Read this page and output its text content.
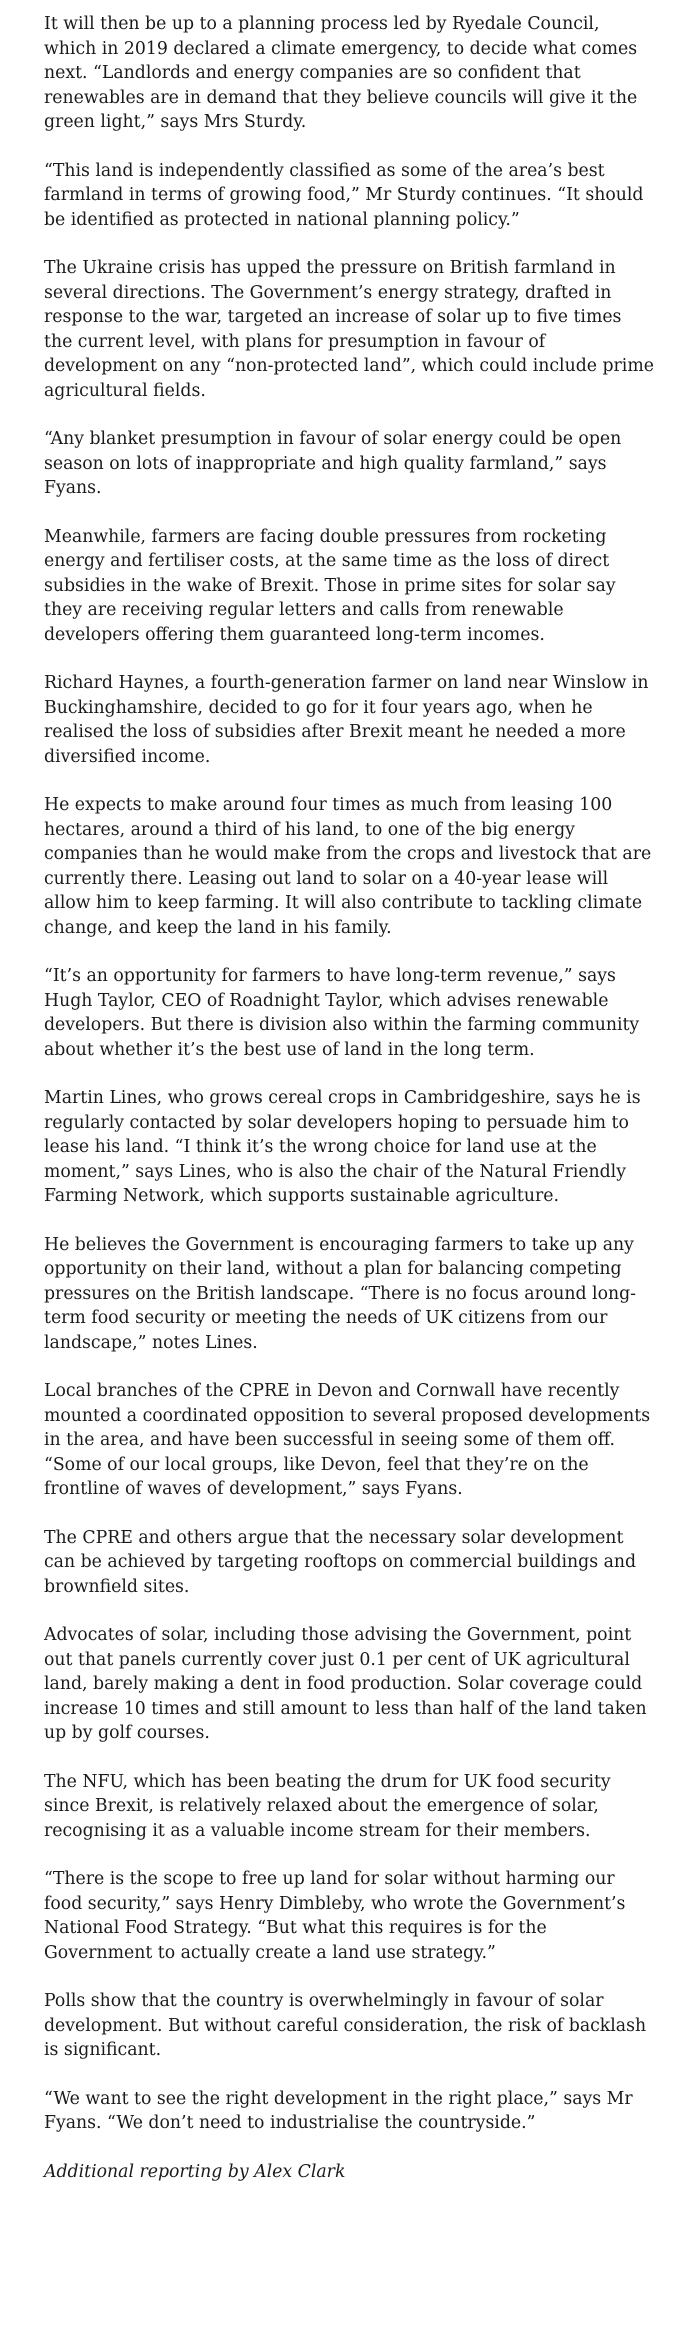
It will then be up to a planning process led by Ryedale Council, which in 2019 declared a climate emergency, to decide what comes next. “Landlords and energy companies are so confident that renewables are in demand that they believe councils will give it the green light,” says Mrs Sturdy.

“This land is independently classified as some of the area’s best farmland in terms of growing food,” Mr Sturdy continues. “It should be identified as protected in national planning policy.”

The Ukraine crisis has upped the pressure on British farmland in several directions. The Government’s energy strategy, drafted in response to the war, targeted an increase of solar up to five times the current level, with plans for presumption in favour of development on any “non-protected land”, which could include prime agricultural fields.

“Any blanket presumption in favour of solar energy could be open season on lots of inappropriate and high quality farmland,” says Fyans.

Meanwhile, farmers are facing double pressures from rocketing energy and fertiliser costs, at the same time as the loss of direct subsidies in the wake of Brexit. Those in prime sites for solar say they are receiving regular letters and calls from renewable developers offering them guaranteed long-term incomes.

Richard Haynes, a fourth-generation farmer on land near Winslow in Buckinghamshire, decided to go for it four years ago, when he realised the loss of subsidies after Brexit meant he needed a more diversified income.

He expects to make around four times as much from leasing 100 hectares, around a third of his land, to one of the big energy companies than he would make from the crops and livestock that are currently there. Leasing out land to solar on a 40-year lease will allow him to keep farming. It will also contribute to tackling climate change, and keep the land in his family.

“It’s an opportunity for farmers to have long-term revenue,” says Hugh Taylor, CEO of Roadnight Taylor, which advises renewable developers. But there is division also within the farming community about whether it’s the best use of land in the long term.

Martin Lines, who grows cereal crops in Cambridgeshire, says he is regularly contacted by solar developers hoping to persuade him to lease his land. “I think it’s the wrong choice for land use at the moment,” says Lines, who is also the chair of the Natural Friendly Farming Network, which supports sustainable agriculture.

He believes the Government is encouraging farmers to take up any opportunity on their land, without a plan for balancing competing pressures on the British landscape. “There is no focus around long-term food security or meeting the needs of UK citizens from our landscape,” notes Lines.

Local branches of the CPRE in Devon and Cornwall have recently mounted a coordinated opposition to several proposed developments in the area, and have been successful in seeing some of them off. “Some of our local groups, like Devon, feel that they’re on the frontline of waves of development,” says Fyans.

The CPRE and others argue that the necessary solar development can be achieved by targeting rooftops on commercial buildings and brownfield sites.

Advocates of solar, including those advising the Government, point out that panels currently cover just 0.1 per cent of UK agricultural land, barely making a dent in food production. Solar coverage could increase 10 times and still amount to less than half of the land taken up by golf courses.

The NFU, which has been beating the drum for UK food security since Brexit, is relatively relaxed about the emergence of solar, recognising it as a valuable income stream for their members.

“There is the scope to free up land for solar without harming our food security,” says Henry Dimbleby, who wrote the Government’s National Food Strategy. “But what this requires is for the Government to actually create a land use strategy.”

Polls show that the country is overwhelmingly in favour of solar development. But without careful consideration, the risk of backlash is significant.

“We want to see the right development in the right place,” says Mr Fyans. “We don’t need to industrialise the countryside.”

Additional reporting by Alex Clark
